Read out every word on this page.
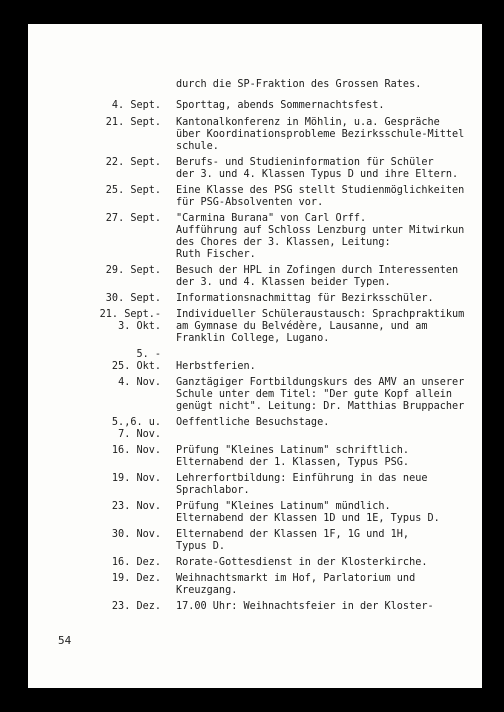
durch die SP-Fraktion des Grossen Rates.
4. Sept. Sporttag, abends Sommernachtsfest.
21. Sept. Kantonalkonferenz in Möhlin, u.a. Gespräche
über Koordinationsprobleme Bezirksschule-Mittel
schule.
22. Sept. Berufs- und Studieninformation für Schüler
der 3. und 4. Klassen Typus D und ihre Eltern.
25. Sept. Eine Klasse des PSG stellt Studienmöglichkeiten
für PSG-Absolventen vor.
27. Sept. "Carmina Burana" von Carl Orff.
Aufführung auf Schloss Lenzburg unter Mitwirkun
des Chores der 3. Klassen, Leitung:
Ruth Fischer.
29. Sept. Besuch der HPL in Zofingen durch Interessenten
der 3. und 4. Klassen beider Typen.
30. Sept. Informationsnachmittag für Bezirksschüler.
21. Sept.- Individueller Schüleraustausch: Sprachpraktikum
3. Okt. am Gymnase du Belvédère, Lausanne, und am
Franklin College, Lugano.
5. -
25. Okt. Herbstferien.
4. Nov. Ganztägiger Fortbildungskurs des AMV an unserer
Schule unter dem Titel: "Der gute Kopf allein
genügt nicht". Leitung: Dr. Matthias Bruppacher
5.,6. u. Oeffentliche Besuchstage.
7. Nov.
16. Nov. Prüfung "Kleines Latinum" schriftlich.
Elternabend der 1. Klassen, Typus PSG.
19. Nov. Lehrerfortbildung: Einführung in das neue
Sprachlabor.
23. Nov. Prüfung "Kleines Latinum" mündlich.
Elternabend der Klassen 1D und 1E, Typus D.
30. Nov. Elternabend der Klassen 1F, 1G und 1H,
Typus D.
16. Dez. Rorate-Gottesdienst in der Klosterkirche.
19. Dez. Weihnachtsmarkt im Hof, Parlatorium und
Kreuzgang.
23. Dez. 17.00 Uhr: Weihnachtsfeier in der Kloster-
54
